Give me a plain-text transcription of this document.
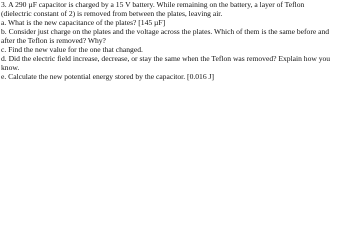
3. A 290 µF capacitor is charged by a 15 V battery. While remaining on the battery, a layer of Teflon
(dielectric constant of 2) is removed from between the plates, leaving air.
a. What is the new capacitance of the plates? [145 µF]
b. Consider just charge on the plates and the voltage across the plates. Which of them is the same before and
after the Teflon is removed? Why?
c. Find the new value for the one that changed.
d. Did the electric field increase, decrease, or stay the same when the Teflon was removed? Explain how you
know.
e. Calculate the new potential energy stored by the capacitor. [0.016 J]
